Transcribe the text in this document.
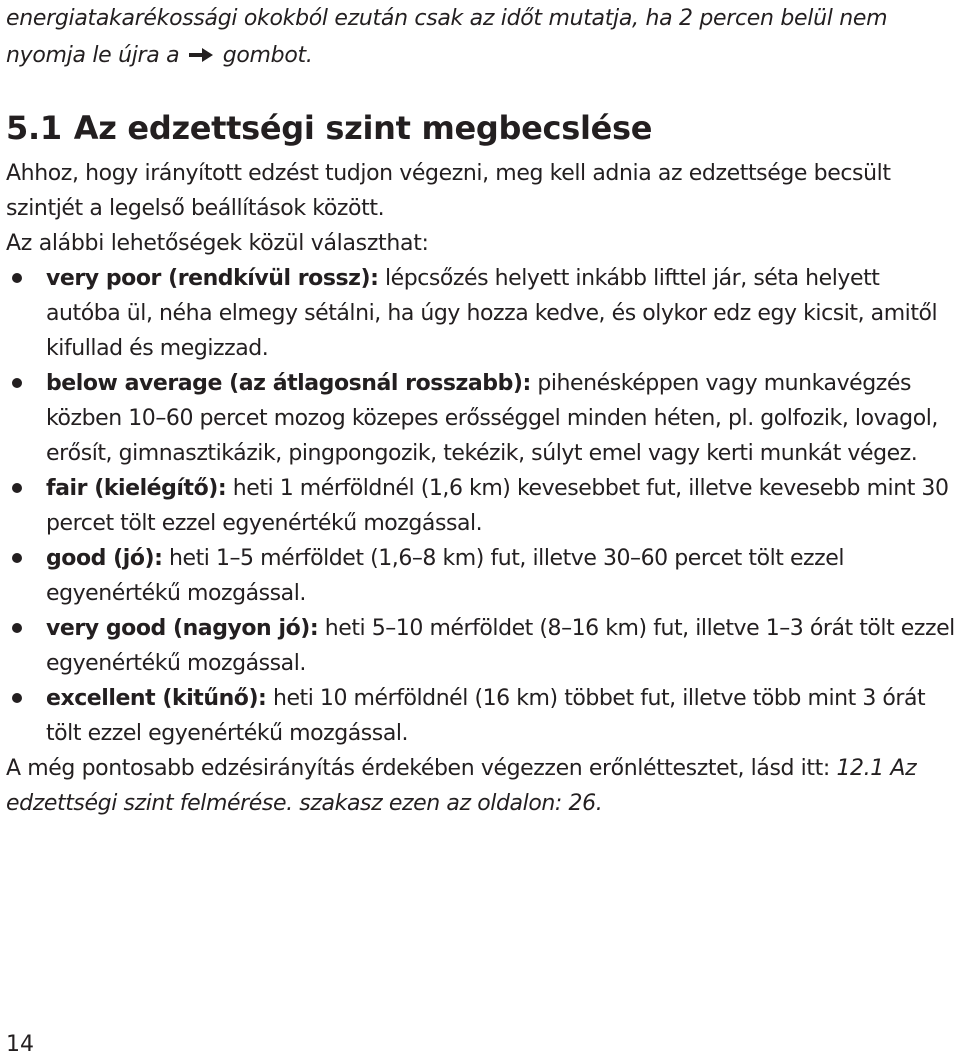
energiatakarékossági okokból ezután csak az időt mutatja, ha 2 percen belül nem nyomja le újra a  gombot.

5.1 Az edzettségi szint megbecslése

Ahhoz, hogy irányított edzést tudjon végezni, meg kell adnia az edzettsége becsült szintjét a legelső beállítások között.

Az alábbi lehetőségek közül választhat:

very poor (rendkívül rossz): lépcsőzés helyett inkább lifttel jár, séta helyett autóba ül, néha elmegy sétálni, ha úgy hozza kedve, és olykor edz egy kicsit, amitől kifullad és megizzad.
below average (az átlagosnál rosszabb): pihenésképpen vagy munkavégzés közben 10–60 percet mozog közepes erősséggel minden héten, pl. golfozik, lovagol, erősít, gimnasztikázik, pingpongozik, tekézik, súlyt emel vagy kerti munkát végez.
fair (kielégítő): heti 1 mérföldnél (1,6 km) kevesebbet fut, illetve kevesebb mint 30 percet tölt ezzel egyenértékű mozgással.
good (jó): heti 1–5 mérföldet (1,6–8 km) fut, illetve 30–60 percet tölt ezzel egyenértékű mozgással.
very good (nagyon jó): heti 5–10 mérföldet (8–16 km) fut, illetve 1–3 órát tölt ezzel egyenértékű mozgással.
excellent (kitűnő): heti 10 mérföldnél (16 km) többet fut, illetve több mint 3 órát tölt ezzel egyenértékű mozgással.

A még pontosabb edzésirányítás érdekében végezzen erőnléttesztet, lásd itt: 12.1 Az edzettségi szint felmérése. szakasz ezen az oldalon: 26.

14
